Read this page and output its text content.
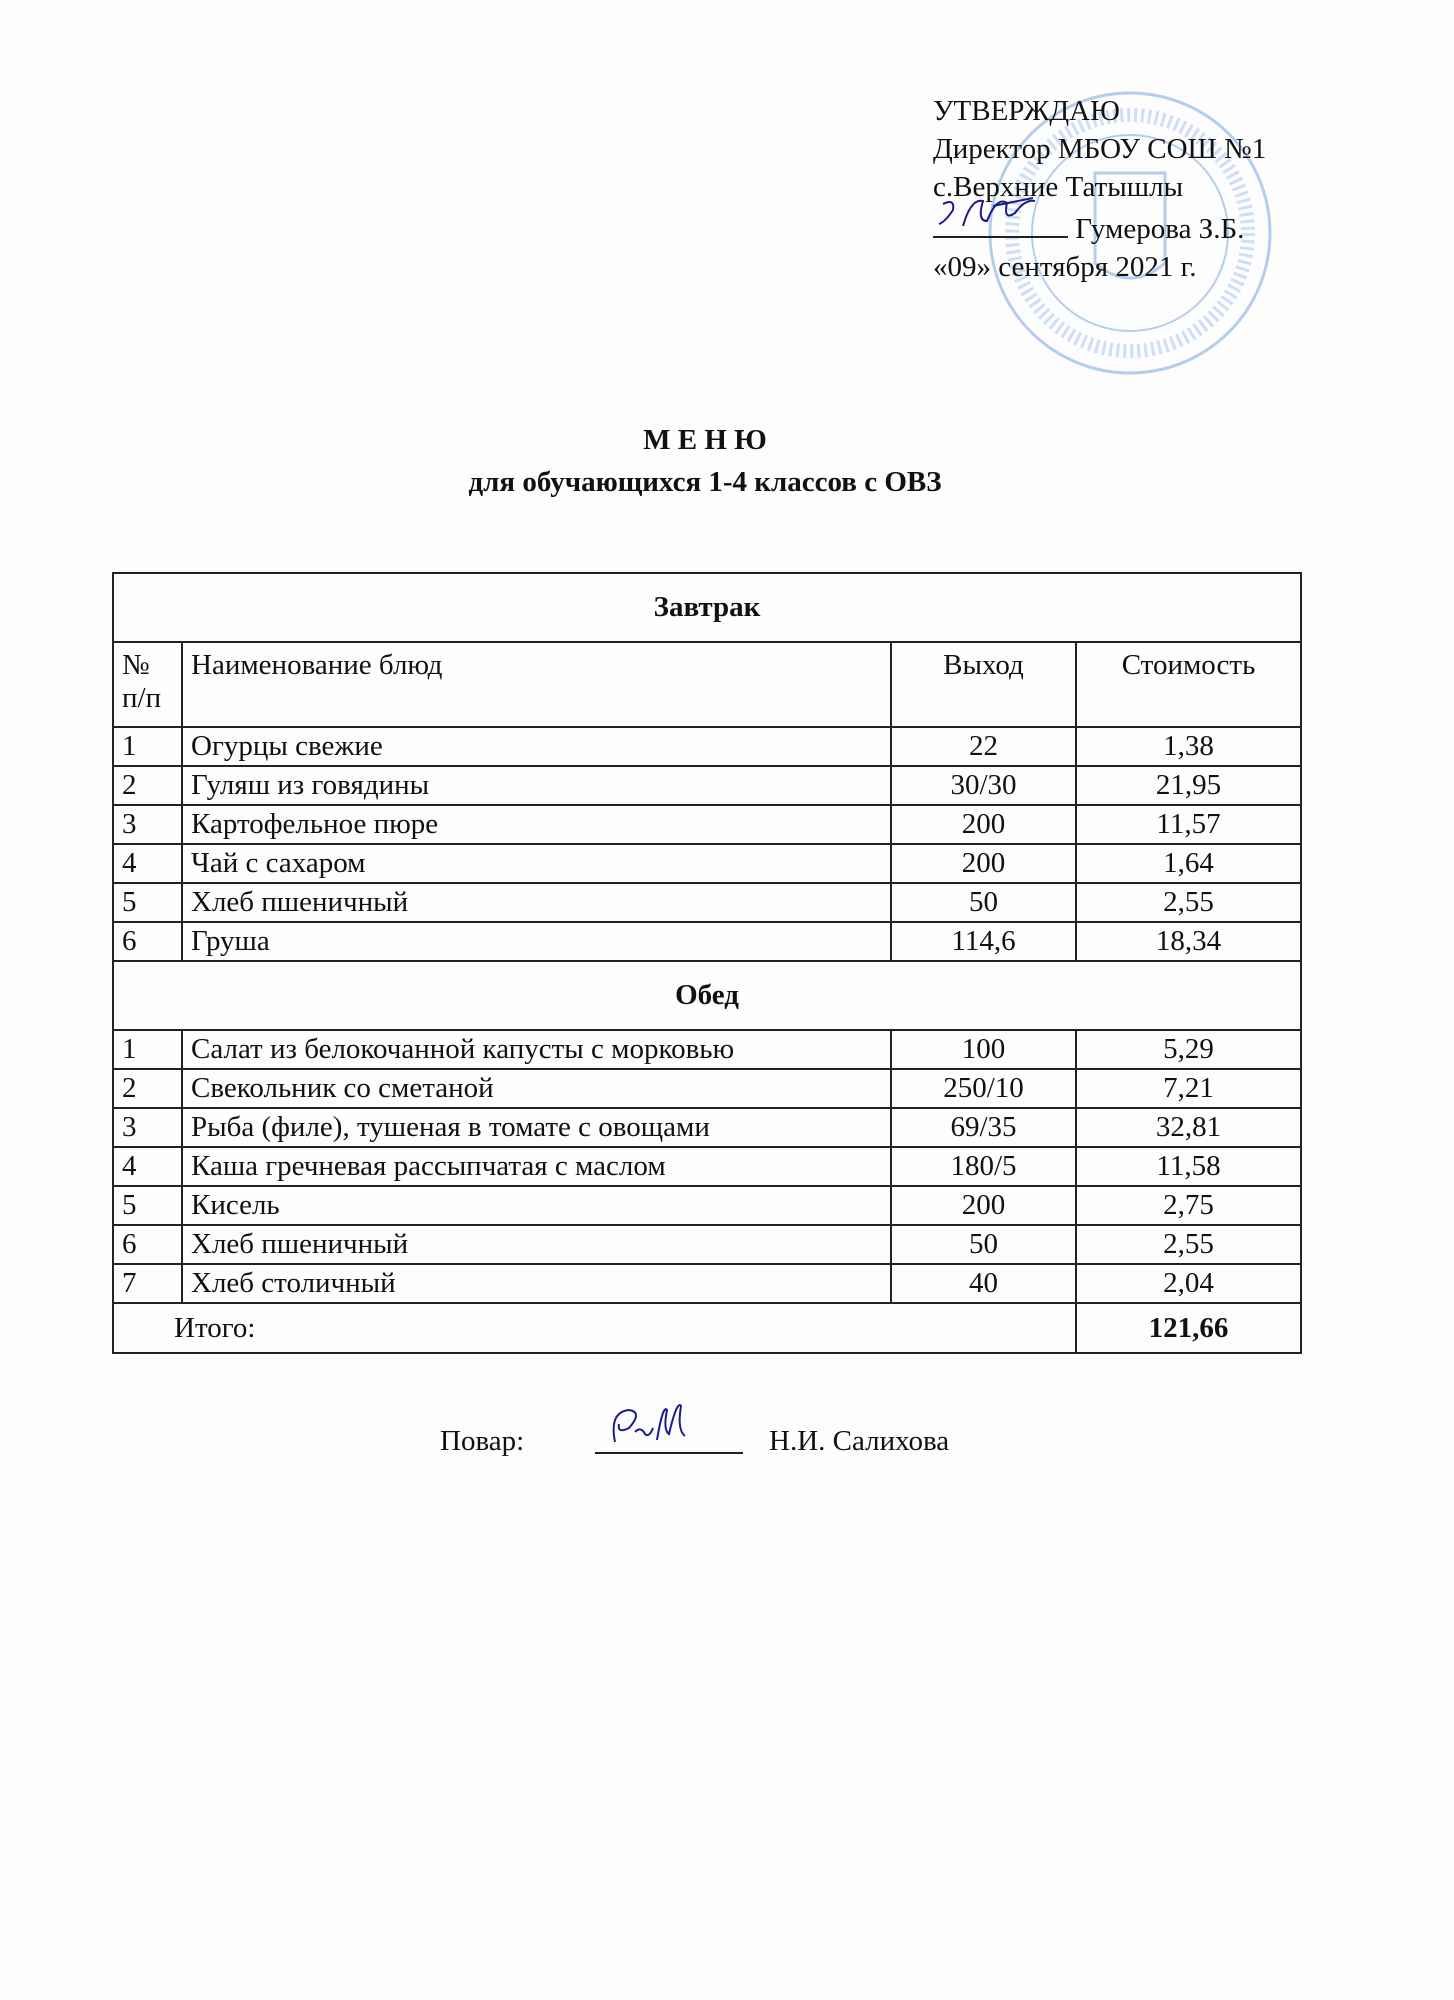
УТВЕРЖДАЮ
Директор МБОУ СОШ №1
с.Верхние Татышлы
Гумерова З.Б.
«09» сентября 2021 г.
М Е Н Ю
для обучающихся 1-4 классов с ОВЗ
Завтрак			
№ п/п	Наименование блюд	Выход	Стоимость
1	Огурцы свежие	22	1,38
2	Гуляш из говядины	30/30	21,95
3	Картофельное пюре	200	11,57
4	Чай с сахаром	200	1,64
5	Хлеб пшеничный	50	2,55
6	Груша	114,6	18,34
Обед			
1	Салат из белокочанной капусты с морковью	100	5,29
2	Свекольник со сметаной	250/10	7,21
3	Рыба (филе), тушеная в томате с овощами	69/35	32,81
4	Каша гречневая рассыпчатая с маслом	180/5	11,58
5	Кисель	200	2,75
6	Хлеб пшеничный	50	2,55
7	Хлеб столичный	40	2,04
Итого:			121,66
Повар:	Н.И. Салихова
